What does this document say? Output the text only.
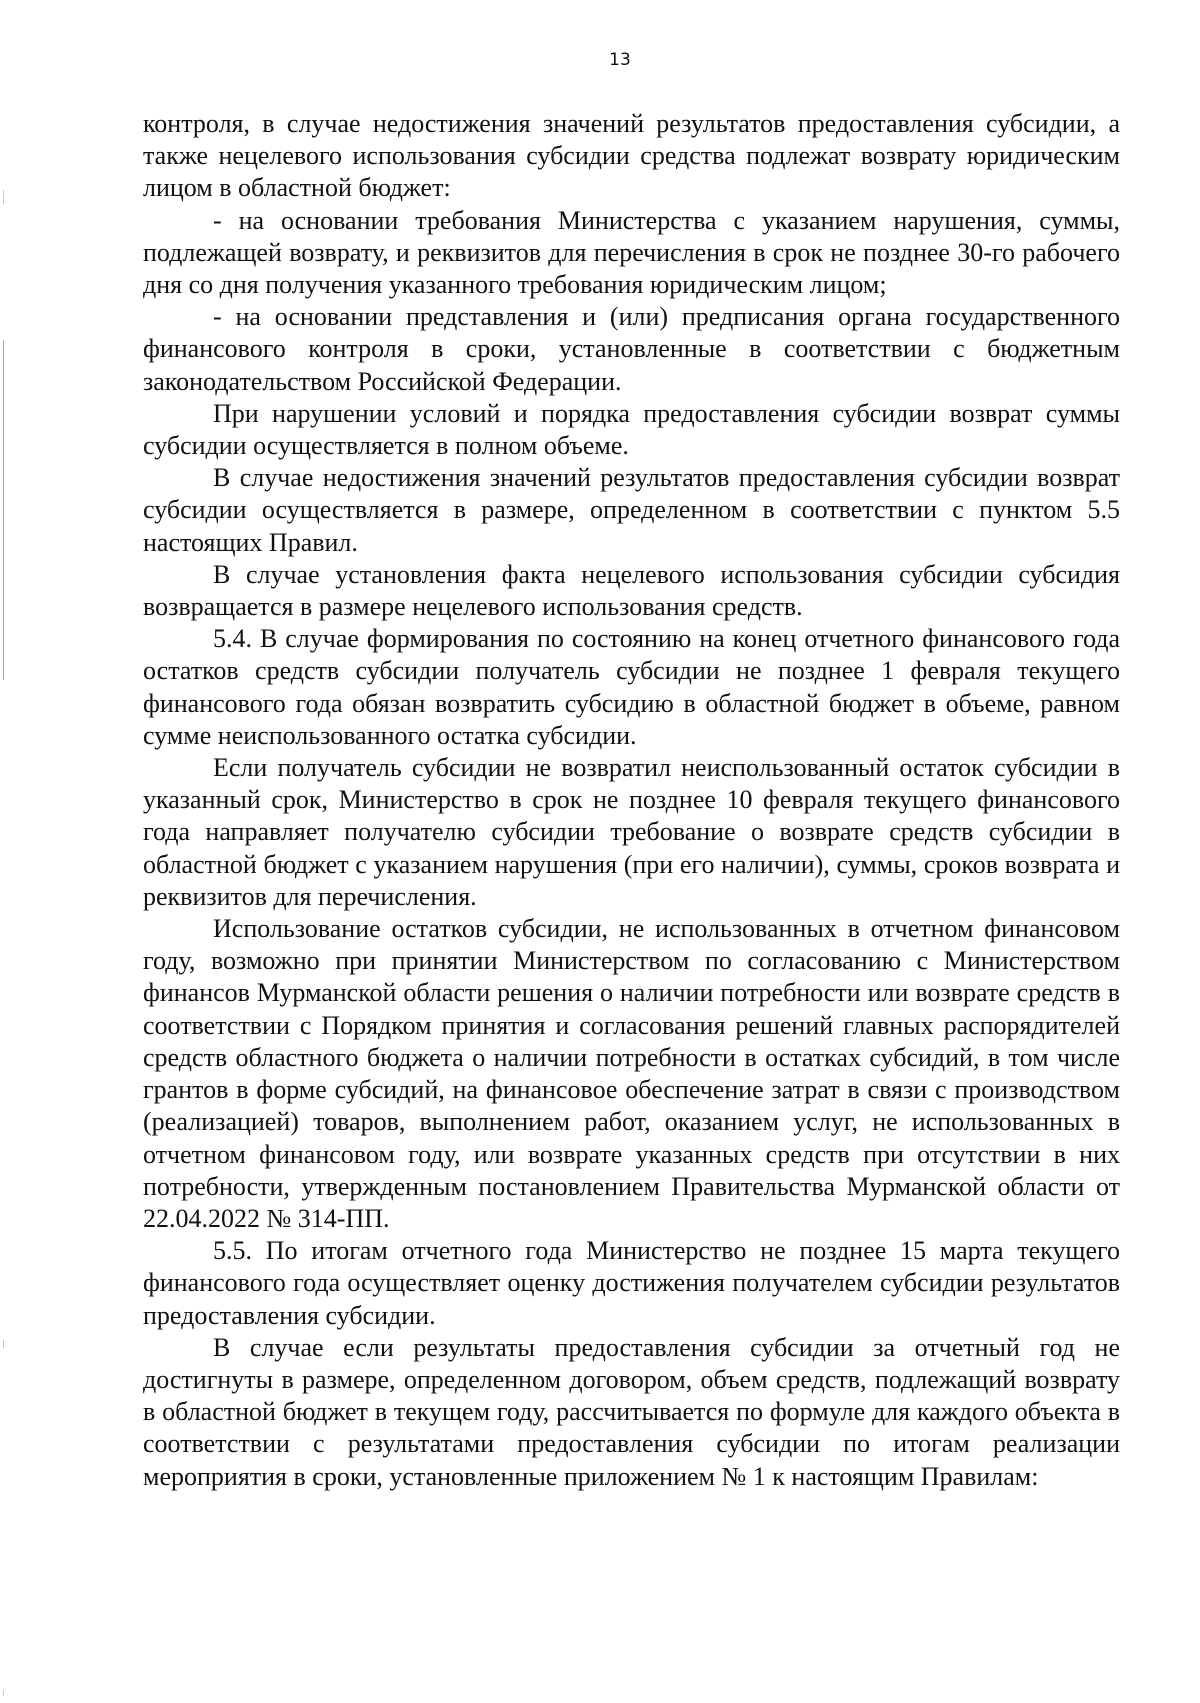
13

контроля, в случае недостижения значений результатов предоставления субсидии, а также нецелевого использования субсидии средства подлежат возврату юридическим лицом в областной бюджет:

- на основании требования Министерства с указанием нарушения, суммы, подлежащей возврату, и реквизитов для перечисления в срок не позднее 30-го рабочего дня со дня получения указанного требования юридическим лицом;

- на основании представления и (или) предписания органа государственного финансового контроля в сроки, установленные в соответствии с бюджетным законодательством Российской Федерации.

При нарушении условий и порядка предоставления субсидии возврат суммы субсидии осуществляется в полном объеме.

В случае недостижения значений результатов предоставления субсидии возврат субсидии осуществляется в размере, определенном в соответствии с пунктом 5.5 настоящих Правил.

В случае установления факта нецелевого использования субсидии субсидия возвращается в размере нецелевого использования средств.

5.4. В случае формирования по состоянию на конец отчетного финансового года остатков средств субсидии получатель субсидии не позднее 1 февраля текущего финансового года обязан возвратить субсидию в областной бюджет в объеме, равном сумме неиспользованного остатка субсидии.

Если получатель субсидии не возвратил неиспользованный остаток субсидии в указанный срок, Министерство в срок не позднее 10 февраля текущего финансового года направляет получателю субсидии требование о возврате средств субсидии в областной бюджет с указанием нарушения (при его наличии), суммы, сроков возврата и реквизитов для перечисления.

Использование остатков субсидии, не использованных в отчетном финансовом году, возможно при принятии Министерством по согласованию с Министерством финансов Мурманской области решения о наличии потребности или возврате средств в соответствии с Порядком принятия и согласования решений главных распорядителей средств областного бюджета о наличии потребности в остатках субсидий, в том числе грантов в форме субсидий, на финансовое обеспечение затрат в связи с производством (реализацией) товаров, выполнением работ, оказанием услуг, не использованных в отчетном финансовом году, или возврате указанных средств при отсутствии в них потребности, утвержденным постановлением Правительства Мурманской области от 22.04.2022 № 314-ПП.

5.5. По итогам отчетного года Министерство не позднее 15 марта текущего финансового года осуществляет оценку достижения получателем субсидии результатов предоставления субсидии.

В случае если результаты предоставления субсидии за отчетный год не достигнуты в размере, определенном договором, объем средств, подлежащий возврату в областной бюджет в текущем году, рассчитывается по формуле для каждого объекта в соответствии с результатами предоставления субсидии по итогам реализации мероприятия в сроки, установленные приложением № 1 к настоящим Правилам:
